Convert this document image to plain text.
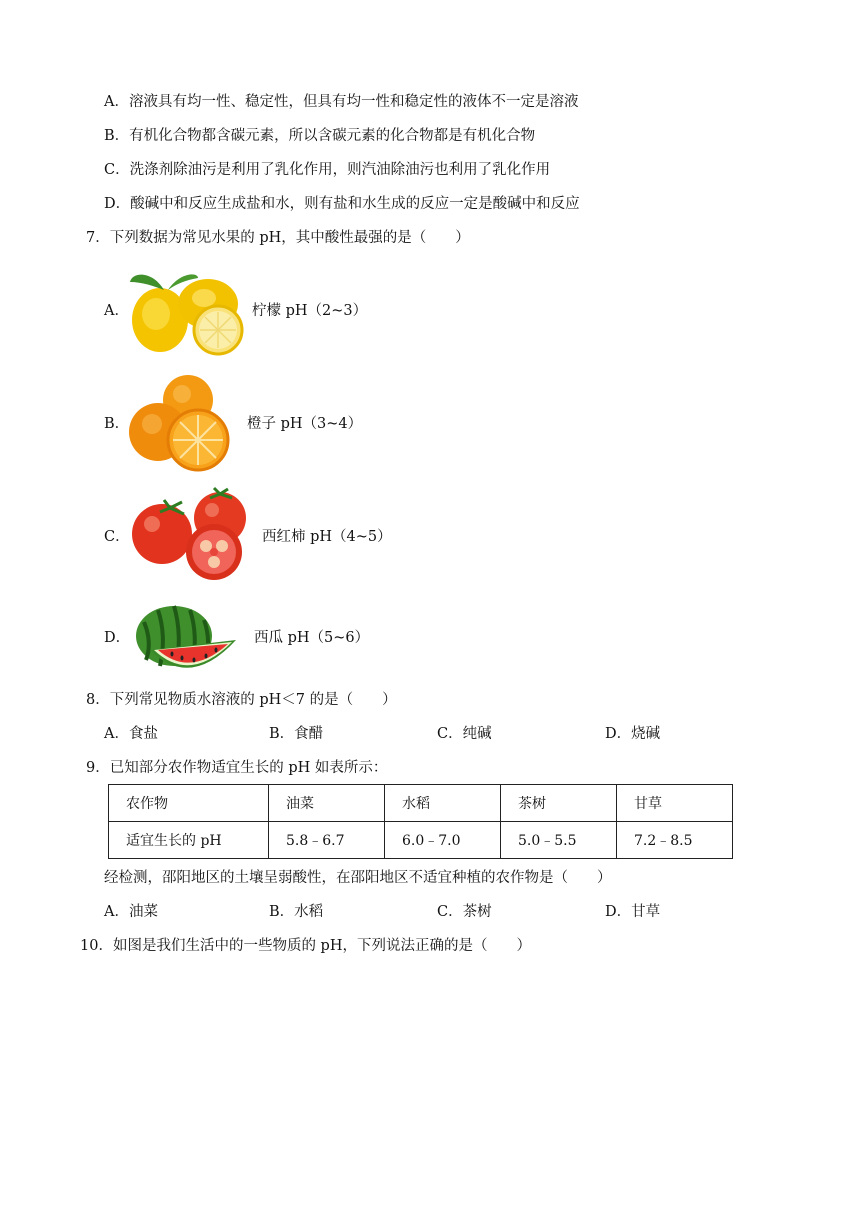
A．溶液具有均一性、稳定性，但具有均一性和稳定性的液体不一定是溶液
B．有机化合物都含碳元素，所以含碳元素的化合物都是有机化合物
C．洗涤剂除油污是利用了乳化作用，则汽油除油污也利用了乳化作用
D．酸碱中和反应生成盐和水，则有盐和水生成的反应一定是酸碱中和反应
7．下列数据为常见水果的 pH，其中酸性最强的是（　　）
A．	柠檬 pH（2~3）
B．	橙子 pH（3~4）
C．	西红柿 pH（4~5）
D．	西瓜 pH（5~6）
8．下列常见物质水溶液的 pH＜7 的是（　　）
A．食盐	B．食醋	C．纯碱	D．烧碱
9．已知部分农作物适宜生长的 pH 如表所示：
农作物	油菜	水稻	茶树	甘草
适宜生长的 pH	5.8﹣6.7	6.0﹣7.0	5.0﹣5.5	7.2﹣8.5
经检测，邵阳地区的土壤呈弱酸性，在邵阳地区不适宜种植的农作物是（　　）
A．油菜	B．水稻	C．茶树	D．甘草
10．如图是我们生活中的一些物质的 pH，下列说法正确的是（　　）
